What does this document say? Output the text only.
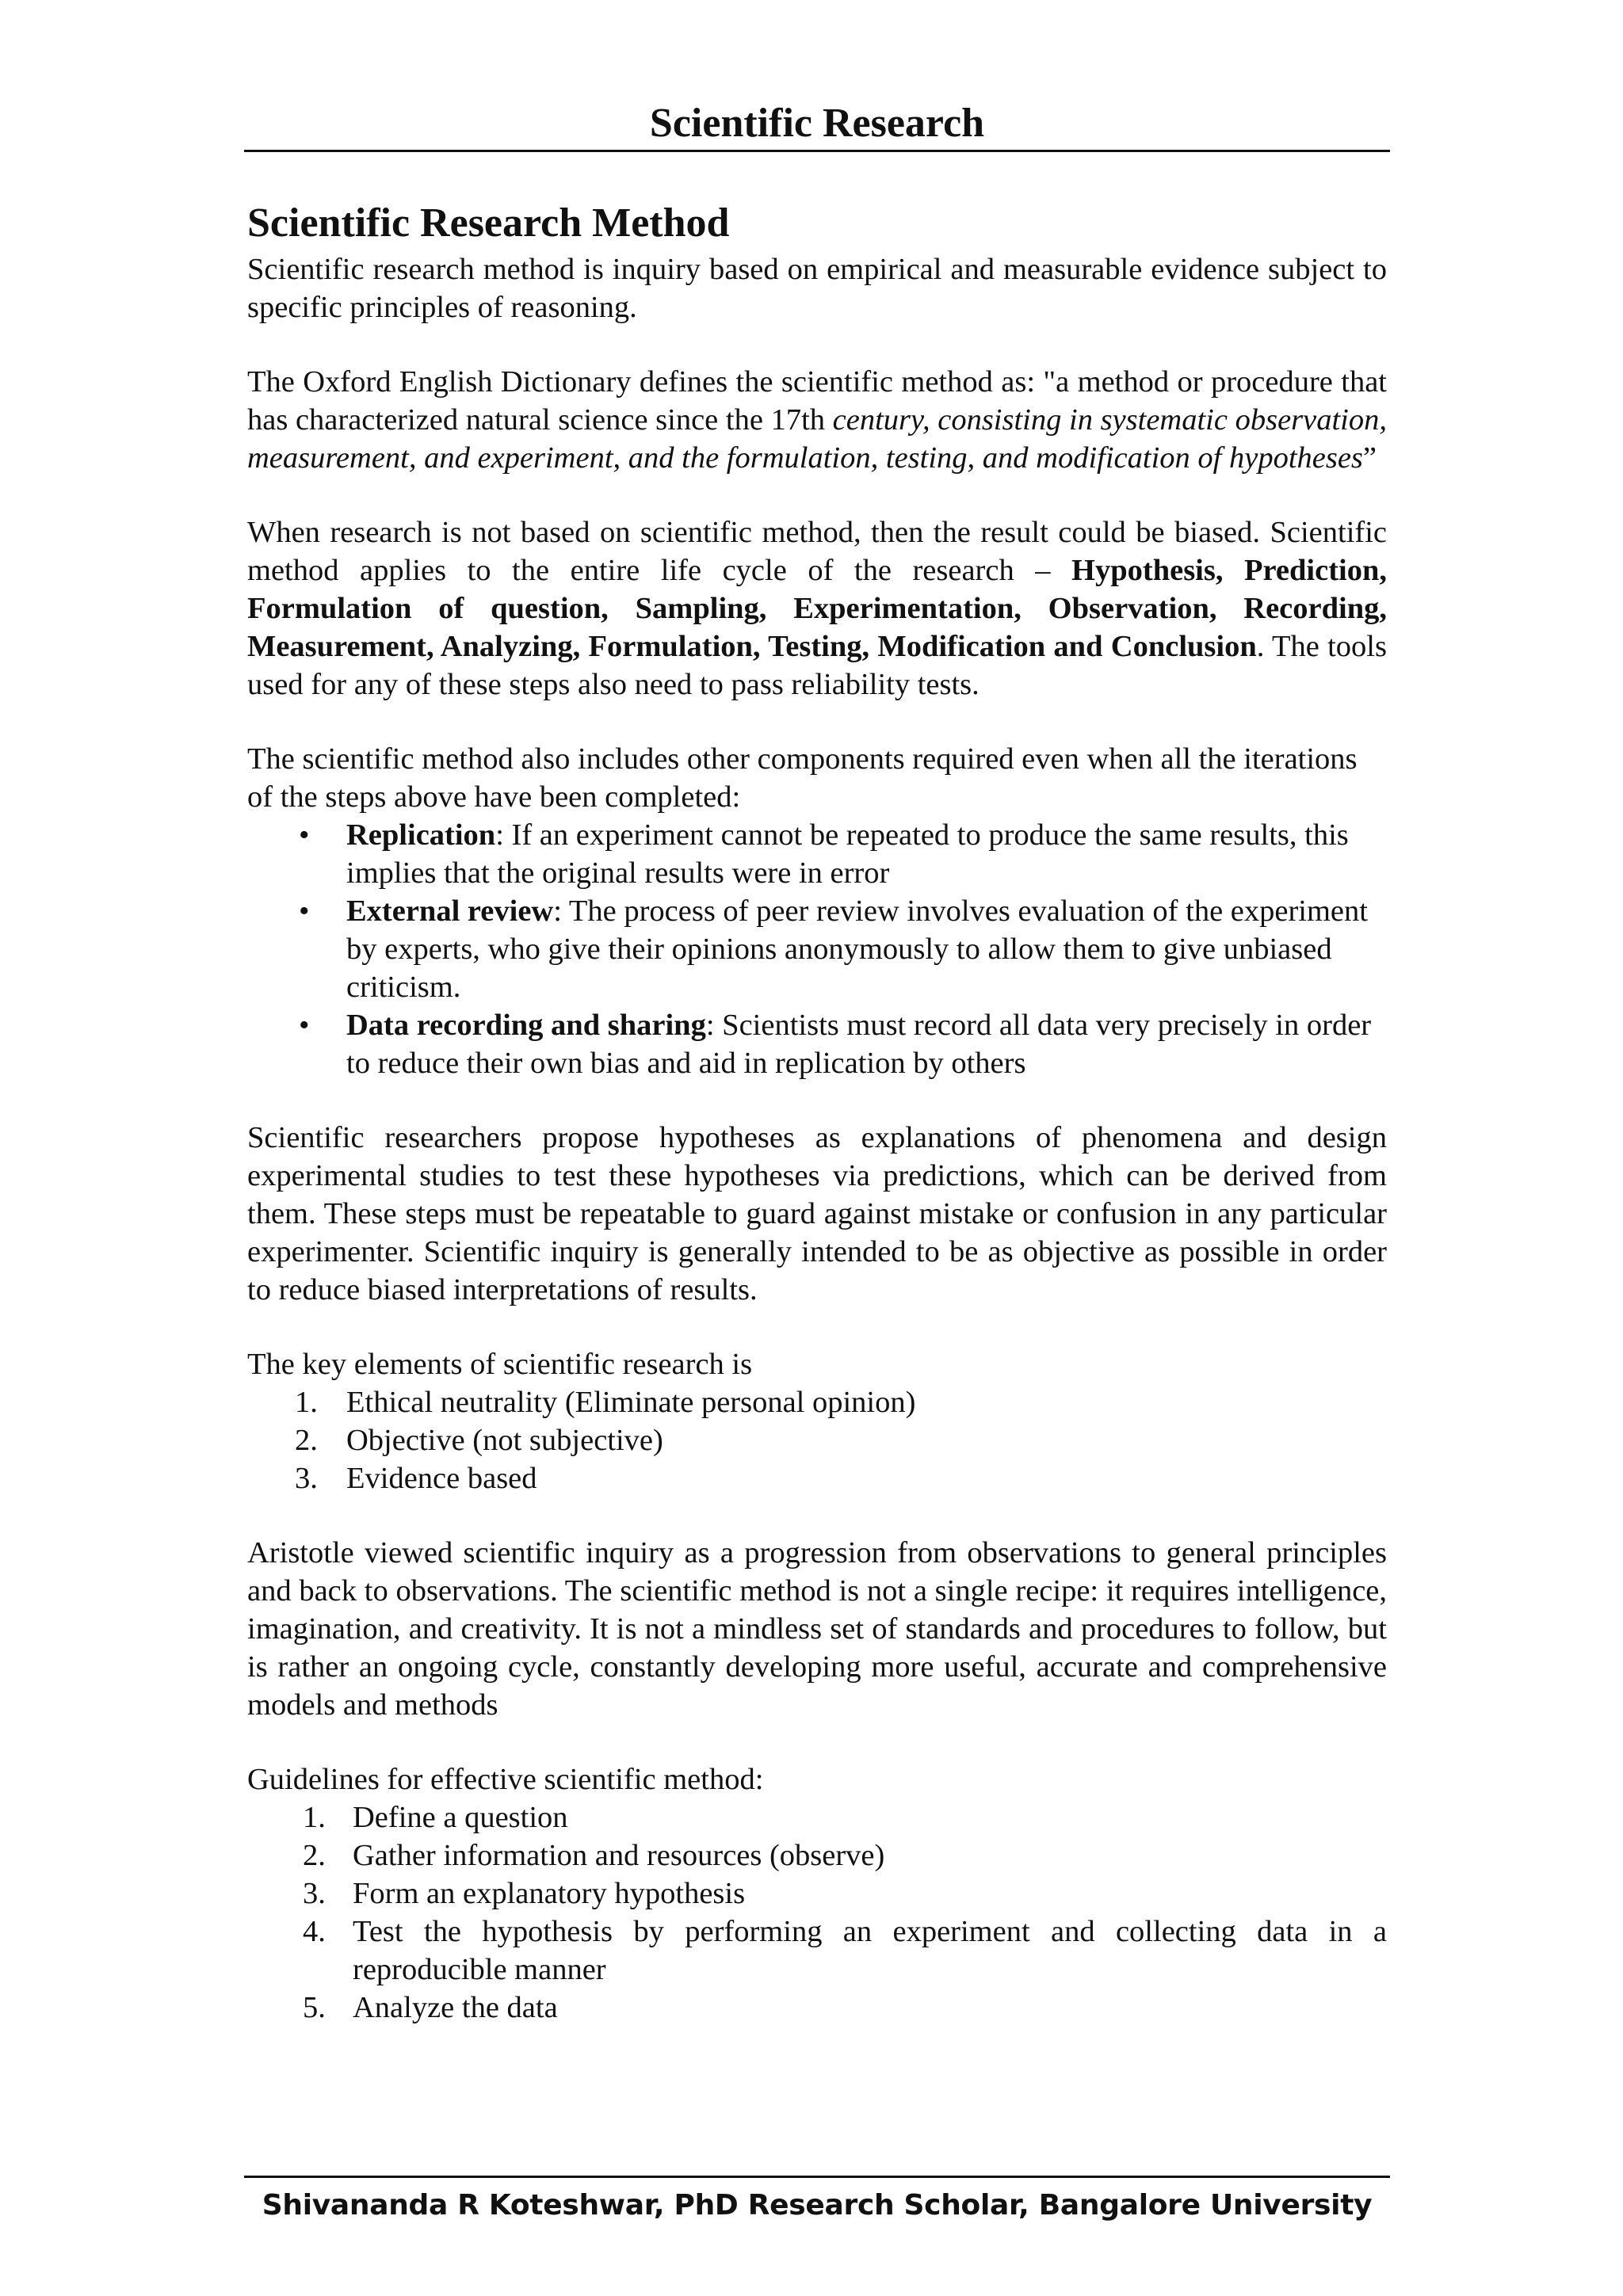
Scientific Research
Scientific Research Method

Scientific research method is inquiry based on empirical and measurable evidence subject to specific principles of reasoning.

The Oxford English Dictionary defines the scientific method as: "a method or procedure that has characterized natural science since the 17th century, consisting in systematic observation, measurement, and experiment, and the formulation, testing, and modification of hypotheses”

When research is not based on scientific method, then the result could be biased. Scientific method applies to the entire life cycle of the research – Hypothesis, Prediction, Formulation of question, Sampling, Experimentation, Observation, Recording, Measurement, Analyzing, Formulation, Testing, Modification and Conclusion. The tools used for any of these steps also need to pass reliability tests.

The scientific method also includes other components required even when all the iterations of the steps above have been completed:

• Replication: If an experiment cannot be repeated to produce the same results, this implies that the original results were in error
• External review: The process of peer review involves evaluation of the experiment by experts, who give their opinions anonymously to allow them to give unbiased criticism.
• Data recording and sharing: Scientists must record all data very precisely in order to reduce their own bias and aid in replication by others

Scientific researchers propose hypotheses as explanations of phenomena and design experimental studies to test these hypotheses via predictions, which can be derived from them. These steps must be repeatable to guard against mistake or confusion in any particular experimenter. Scientific inquiry is generally intended to be as objective as possible in order to reduce biased interpretations of results.

The key elements of scientific research is

1. Ethical neutrality (Eliminate personal opinion)
2. Objective (not subjective)
3. Evidence based

Aristotle viewed scientific inquiry as a progression from observations to general principles and back to observations. The scientific method is not a single recipe: it requires intelligence, imagination, and creativity. It is not a mindless set of standards and procedures to follow, but is rather an ongoing cycle, constantly developing more useful, accurate and comprehensive models and methods

Guidelines for effective scientific method:

1. Define a question
2. Gather information and resources (observe)
3. Form an explanatory hypothesis
4. Test the hypothesis by performing an experiment and collecting data in a reproducible manner
5. Analyze the data
Shivananda R Koteshwar, PhD Research Scholar, Bangalore University
